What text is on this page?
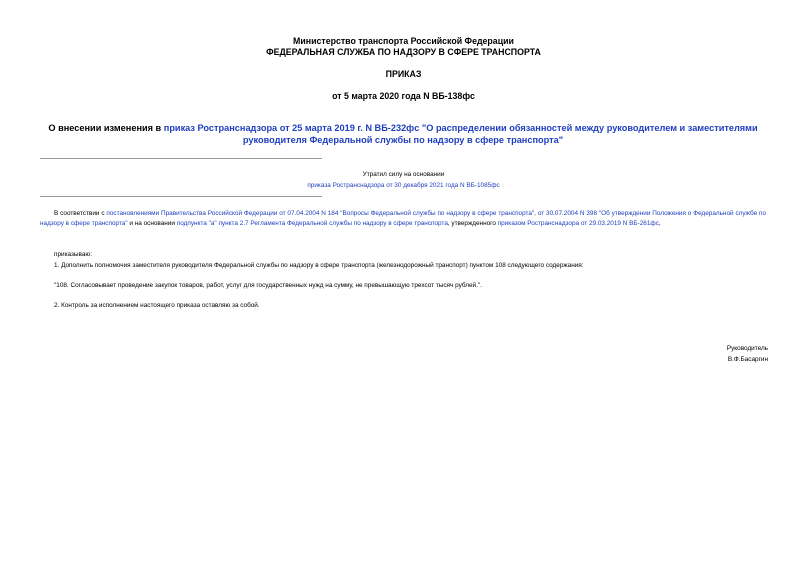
Министерство транспорта Российской Федерации
ФЕДЕРАЛЬНАЯ СЛУЖБА ПО НАДЗОРУ В СФЕРЕ ТРАНСПОРТА
ПРИКАЗ
от 5 марта 2020 года N ВБ-138фс
О внесении изменения в приказ Ространснадзора от 25 марта 2019 г. N ВБ-232фс "О распределении обязанностей между руководителем и заместителями руководителя Федеральной службы по надзору в сфере транспорта"
Утратил силу на основании
приказа Ространснадзора от 30 декабря 2021 года N ВБ-1085фс
В соответствии с постановлениями Правительства Российской Федерации от 07.04.2004 N 184 "Вопросы Федеральной службы по надзору в сфере транспорта", от 30.07.2004 N 398 "Об утверждении Положения о Федеральной службе по надзору в сфере транспорта" и на основании подпункта "а" пункта 2.7 Регламента Федеральной службы по надзору в сфере транспорта, утвержденного приказом Ространснадзора от 29.03.2019 N ВБ-261фс,
приказываю:
1. Дополнить полномочия заместителя руководителя Федеральной службы по надзору в сфере транспорта (железнодорожный транспорт) пунктом 108 следующего содержания:
"108. Согласовывает проведение закупок товаров, работ, услуг для государственных нужд на сумму, не превышающую трехсот тысяч рублей.".
2. Контроль за исполнением настоящего приказа оставляю за собой.
Руководитель
В.Ф.Басаргин
